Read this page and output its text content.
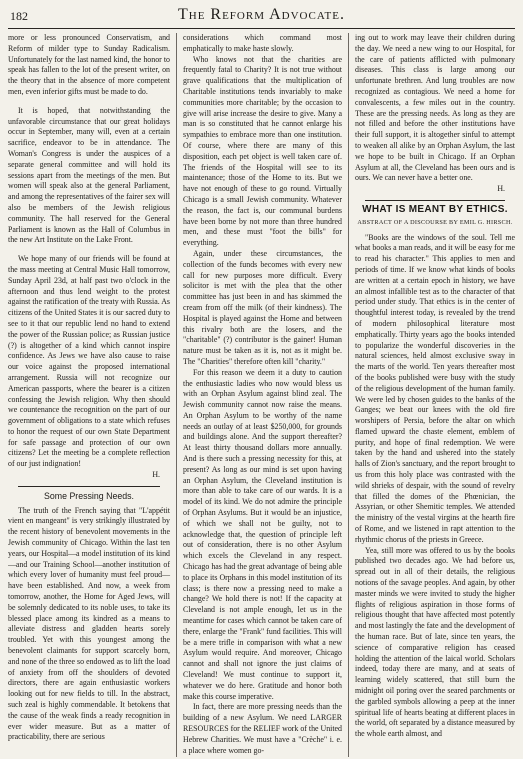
182	The Reform Advocate.

more or less pronounced Conservatism, and Reform of milder type to Sunday Radicalism. Unfortunately for the last named kind, the honor to speak has fallen to the lot of the present writer, on the theory that in the absence of more competent men, even inferior gifts must be made to do.

It is hoped, that notwithstanding the unfavorable circumstance that our great holidays occur in September, many will, even at a certain sacrifice, endeavor to be in attendance. The Woman's Congress is under the auspices of a separate general committee and will hold its sessions apart from the meetings of the men. But women will speak also at the general Parliament, and among the representatives of the fairer sex will also be members of the Jewish religious community. The hall reserved for the General Parliament is known as the Hall of Columbus in the new Art Institute on the Lake Front.

We hope many of our friends will be found at the mass meeting at Central Music Hall tomorrow, Sunday April 23d, at half past two o'clock in the afternoon and thus lend weight to the protest against the ratification of the treaty with Russia. As citizens of the United States it is our sacred duty to see to it that our republic lend no hand to extend the power of the Russian police; as Russian justice (?) is altogether of a kind which cannot inspire confidence. As Jews we have also cause to raise our voice against the proposed international arrangement. Russia will not recognize our American passports, where the bearer is a citizen confessing the Jewish religion. Why then should we countenance the recognition on the part of our government of obligations to a state which refuses to honor the request of our own State Department for safe passage and protection of our own citizens? Let the meeting be a complete reflection of our just indignation!

H.
Some Pressing Needs.

The truth of the French saying that "L'appétit vient en mangeant" is very strikingly illustrated by the recent history of benevolent movements in the Jewish community of Chicago. Within the last ten years, our Hospital—a model institution of its kind—and our Training School—another institution of which every lover of humanity must feel proud—have been established. And now, a week from tomorrow, another, the Home for Aged Jews, will be solemnly dedicated to its noble uses, to take its blessed place among its kindred as a means to alleviate distress and gladden hearts sorely troubled. Yet with this youngest among the benevolent claimants for support scarcely born, and none of the three so endowed as to lift the load of anxiety from off the shoulders of devoted directors, there are again enthusiastic workers looking out for new fields to till. In the abstract, such zeal is highly commendable. It betokens that the cause of the weak finds a ready recognition in ever wider measure. But as a matter of practicability, there are serious

considerations which command most emphatically to make haste slowly.

Who knows not that the charities are frequently fatal to Charity? It is not true without grave qualifications that the multiplication of Charitable institutions tends invariably to make communities more charitable; by the occasion to give will arise increase the desire to give. Many a man is so constituted that he cannot enlarge his sympathies to embrace more than one institution. Of course, where there are many of this disposition, each pet object is well taken care of. The friends of the Hospital will see to its maintenance; those of the Home to its. But we have not enough of these to go round. Virtually Chicago is a small Jewish community. Whatever the reason, the fact is, our communal burdens have been borne by not more than three hundred men, and these must "foot the bills" for everything.

Again, under these circumstances, the collection of the funds becomes with every new call for new purposes more difficult. Every solicitor is met with the plea that the other committee has just been in and has skimmed the cream from off the milk (of their kindness). The Hospital is played against the Home and between this rivalry both are the losers, and the "charitable" (?) contributor is the gainer! Human nature must be taken as it is, not as it might be. The "Charities" therefore often kill "charity."

For this reason we deem it a duty to caution the enthusiastic ladies who now would bless us with an Orphan Asylum against blind zeal. The Jewish community cannot now raise the means. An Orphan Asylum to be worthy of the name needs an outlay of at least $250,000, for grounds and buildings alone. And the support thereafter? At least thirty thousand dollars more annually. And is there such a pressing necessity for this, at present? As long as our mind is set upon having an Orphan Asylum, the Cleveland institution is more than able to take care of our wards. It is a model of its kind. We do not admire the principle of Orphan Asylums. But it would be an injustice, of which we shall not be guilty, not to acknowledge that, the question of principle left out of consideration, there is no other Asylum which excels the Cleveland in any respect. Chicago has had the great advantage of being able to place its Orphans in this model institution of its class; is there now a pressing need to make a change? We hold there is not! If the capacity at Cleveland is not ample enough, let us in the meantime for cases which cannot be taken care of there, enlarge the "Frank" fund facilities. This will be a mere trifle in comparison with what a new Asylum would require. And moreover, Chicago cannot and shall not ignore the just claims of Cleveland! We must continue to support it, whatever we do here. Gratitude and honor both make this course imperative.

In fact, there are more pressing needs than the building of a new Asylum. We need LARGER RESOURCES for the RELIEF work of the United Hebrew Charities. We must have a "Crèche" i. e. a place where women go-

ing out to work may leave their children during the day. We need a new wing to our Hospital, for the care of patients afflicted with pulmonary diseases. This class is large among our unfortunate brethren. And lung troubles are now recognized as contagious. We need a home for convalescents, a few miles out in the country. These are the pressing needs. As long as they are not filled and before the other institutions have their full support, it is altogether sinful to attempt to weaken all alike by an Orphan Asylum, the last we hope to be built in Chicago. If an Orphan Asylum at all, the Cleveland has been ours and is ours. We can never have a better one.

H.
WHAT IS MEANT BY ETHICS.
ABSTRACT OF A DISCOURSE BY EMIL G. HIRSCH.

"Books are the windows of the soul. Tell me what books a man reads, and it will be easy for me to read his character." This applies to men and periods of time. If we know what kinds of books are written at a certain epoch in history, we have an almost infallible test as to the character of that period under study. That ethics is in the center of thoughtful interest today, is revealed by the trend of modern philosophical literature most emphatically. Thirty years ago the books intended to popularize the wonderful discoveries in the natural sciences, held almost exclusive sway in the marts of the world. Ten years thereafter most of the books published were busy with the study of the religious development of the human family. We were led by chosen guides to the banks of the Ganges; we beat our knees with the old fire worshipers of Persia, before the altar on which flamed upward the chaste element, emblem of purity, and hope of final redemption. We were taken by the hand and ushered into the stately halls of Zion's sanctuary, and the report brought to us from this holy place was contrasted with the wild shrieks of despair, with the sound of revelry that filled the domes of the Phœnician, the Assyrian, or other Shemitic temples. We attended the ministry of the vestal virgins at the hearth fire of Rome, and we listened in rapt attention to the rhythmic chorus of the priests in Greece.

Yea, still more was offered to us by the books published two decades ago. We had before us, spread out in all of their details, the religious notions of the savage peoples. And again, by other master minds we were invited to study the higher flights of religious aspiration in those forms of religious thought that have affected most potently and most lastingly the fate and the development of the human race. But of late, since ten years, the science of comparative religion has ceased holding the attention of the laical world. Scholars indeed, today there are many, and at seats of learning widely scattered, that still burn the midnight oil poring over the seared parchments or the garbled symbols allowing a peep at the inner spiritual life of hearts beating at different places in the world, oft separated by a distance measured by the whole earth almost, and
